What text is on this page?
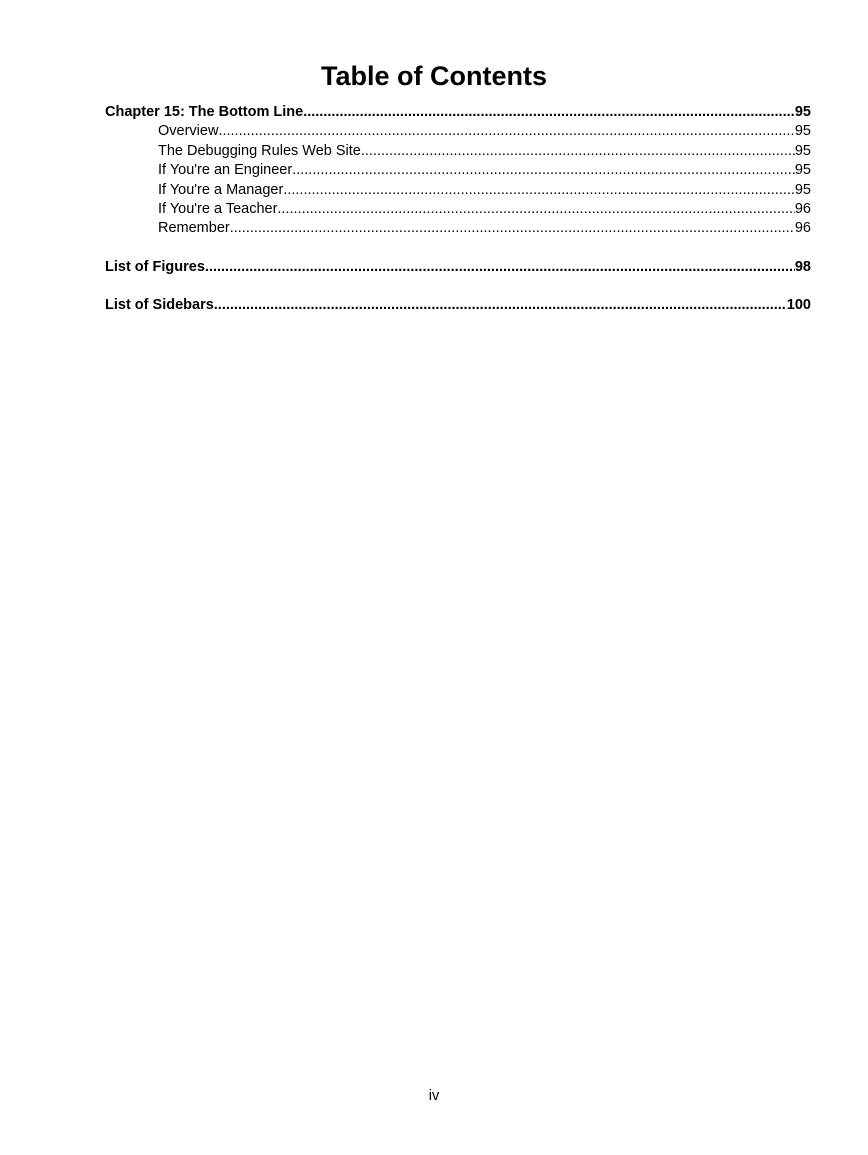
Table of Contents
Chapter 15: The Bottom Line .....	95
Overview .....	95
The Debugging Rules Web Site .....	95
If You're an Engineer .....	95
If You're a Manager .....	95
If You're a Teacher .....	96
Remember .....	96
List of Figures .....	98
List of Sidebars .....	100
iv
